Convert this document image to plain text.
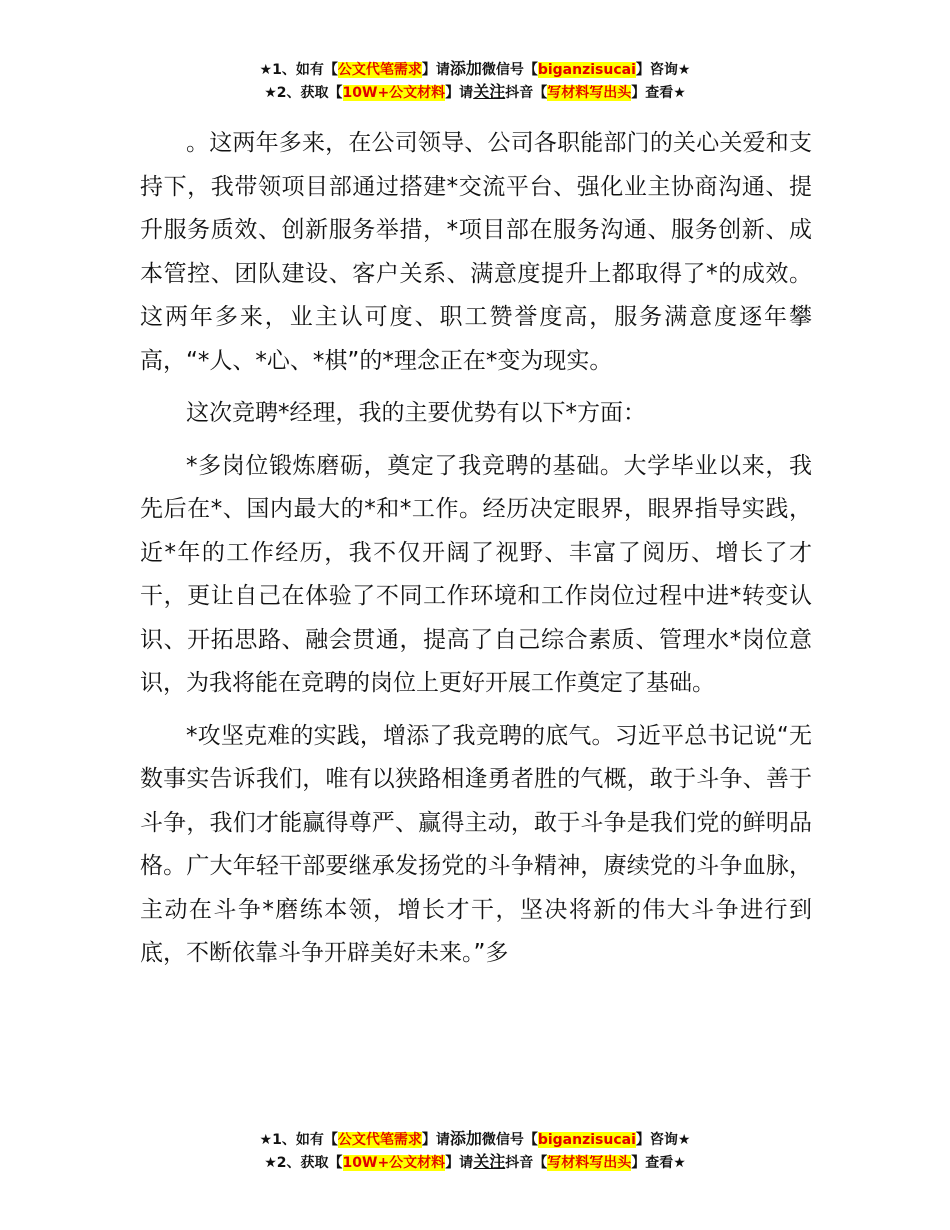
★1、如有【公文代笔需求】请添加微信号【biganzisucai】咨询★
★2、获取【10W+公文材料】请关注抖音【写材料写出头】查看★

。这两年多来，在公司领导、公司各职能部门的关心关爱和支持下，我带领项目部通过搭建*交流平台、强化业主协商沟通、提升服务质效、创新服务举措，*项目部在服务沟通、服务创新、成本管控、团队建设、客户关系、满意度提升上都取得了*的成效。这两年多来，业主认可度、职工赞誉度高，服务满意度逐年攀高，“*人、*心、*棋”的*理念正在*变为现实。

这次竞聘*经理，我的主要优势有以下*方面：

*多岗位锻炼磨砺，奠定了我竞聘的基础。大学毕业以来，我先后在*、国内最大的*和*工作。经历决定眼界，眼界指导实践，近*年的工作经历，我不仅开阔了视野、丰富了阅历、增长了才干，更让自己在体验了不同工作环境和工作岗位过程中进*转变认识、开拓思路、融会贯通，提高了自己综合素质、管理水*岗位意识，为我将能在竞聘的岗位上更好开展工作奠定了基础。

*攻坚克难的实践，增添了我竞聘的底气。习近平总书记说“无数事实告诉我们，唯有以狭路相逢勇者胜的气概，敢于斗争、善于斗争，我们才能赢得尊严、赢得主动，敢于斗争是我们党的鲜明品格。广大年轻干部要继承发扬党的斗争精神，赓续党的斗争血脉，主动在斗争*磨练本领，增长才干，坚决将新的伟大斗争进行到底，不断依靠斗争开辟美好未来。”多

★1、如有【公文代笔需求】请添加微信号【biganzisucai】咨询★
★2、获取【10W+公文材料】请关注抖音【写材料写出头】查看★
